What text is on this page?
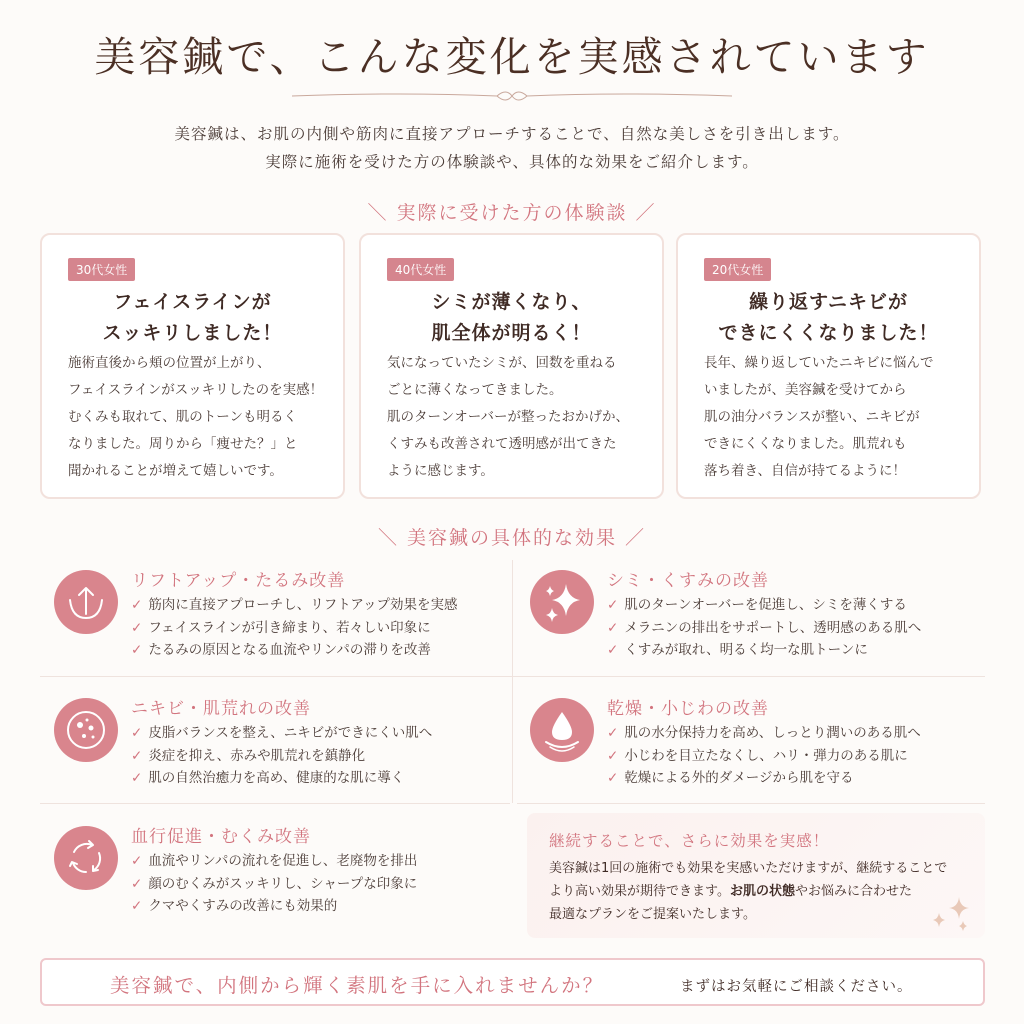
美容鍼で、こんな変化を実感されています
美容鍼は、お肌の内側や筋肉に直接アプローチすることで、自然な美しさを引き出します。
実際に施術を受けた方の体験談や、具体的な効果をご紹介します。
＼ 実際に受けた方の体験談 ／
30代女性
フェイスラインが
スッキリしました！
施術直後から頬の位置が上がり、
フェイスラインがスッキリしたのを実感！
むくみも取れて、肌のトーンも明るく
なりました。周りから「痩せた？」と
聞かれることが増えて嬉しいです。
40代女性
シミが薄くなり、
肌全体が明るく！
気になっていたシミが、回数を重ねる
ごとに薄くなってきました。
肌のターンオーバーが整ったおかげか、
くすみも改善されて透明感が出てきた
ように感じます。
20代女性
繰り返すニキビが
できにくくなりました！
長年、繰り返していたニキビに悩んで
いましたが、美容鍼を受けてから
肌の油分バランスが整い、ニキビが
できにくくなりました。肌荒れも
落ち着き、自信が持てるように！
＼ 美容鍼の具体的な効果 ／
リフトアップ・たるみ改善
✓ 筋肉に直接アプローチし、リフトアップ効果を実感
✓ フェイスラインが引き締まり、若々しい印象に
✓ たるみの原因となる血流やリンパの滞りを改善
シミ・くすみの改善
✓ 肌のターンオーバーを促進し、シミを薄くする
✓ メラニンの排出をサポートし、透明感のある肌へ
✓ くすみが取れ、明るく均一な肌トーンに
ニキビ・肌荒れの改善
✓ 皮脂バランスを整え、ニキビができにくい肌へ
✓ 炎症を抑え、赤みや肌荒れを鎮静化
✓ 肌の自然治癒力を高め、健康的な肌に導く
乾燥・小じわの改善
✓ 肌の水分保持力を高め、しっとり潤いのある肌へ
✓ 小じわを目立たなくし、ハリ・弾力のある肌に
✓ 乾燥による外的ダメージから肌を守る
血行促進・むくみ改善
✓ 血流やリンパの流れを促進し、老廃物を排出
✓ 顔のむくみがスッキリし、シャープな印象に
✓ クマやくすみの改善にも効果的
継続することで、さらに効果を実感！
美容鍼は1回の施術でも効果を実感いただけますが、継続することで
より高い効果が期待できます。お肌の状態やお悩みに合わせた
最適なプランをご提案いたします。
美容鍼で、内側から輝く素肌を手に入れませんか？	まずはお気軽にご相談ください。
